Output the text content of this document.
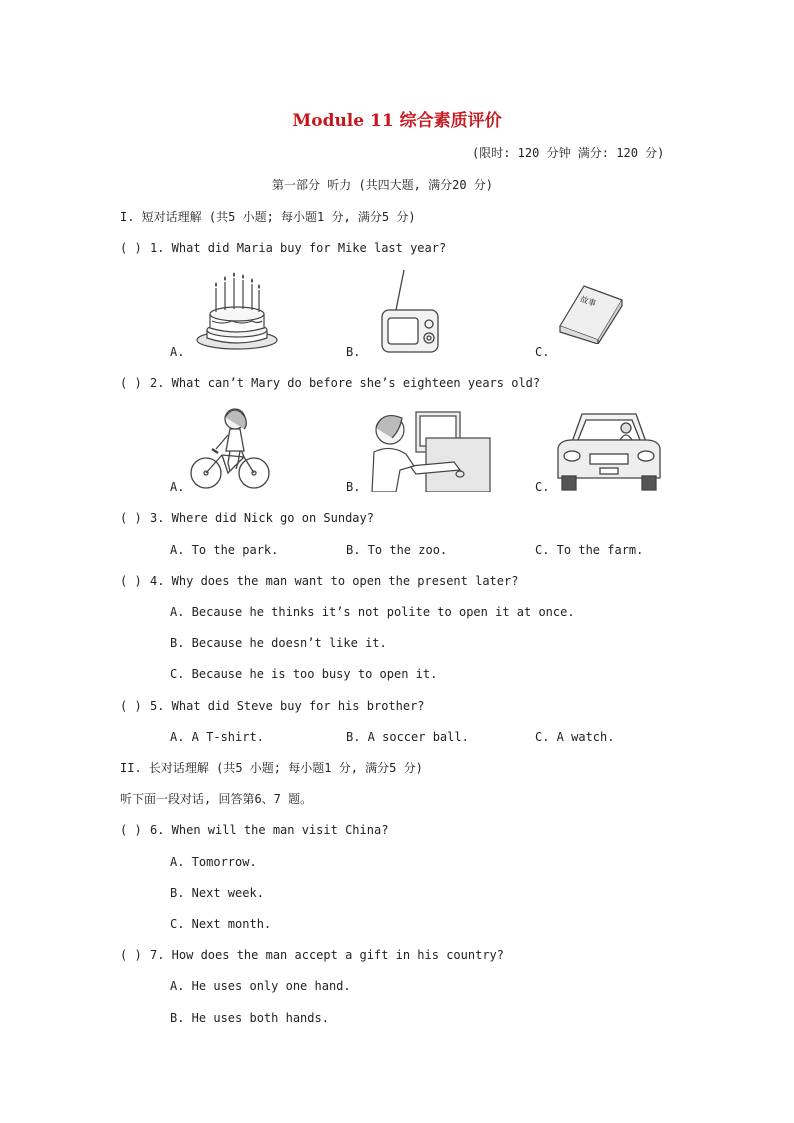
Module 11 综合素质评价
(限时: 120 分钟 满分: 120 分)
第一部分 听力 (共四大题, 满分20 分)
I. 短对话理解 (共5 小题; 每小题1 分, 满分5 分)
( ) 1. What did Maria buy for Mike last year?
故事
A.	B.	C.
( ) 2. What can’t Mary do before she’s eighteen years old?
A.	B.	C.
( ) 3. Where did Nick go on Sunday?
A. To the park.	B. To the zoo.	C. To the farm.
( ) 4. Why does the man want to open the present later?
A. Because he thinks it’s not polite to open it at once.
B. Because he doesn’t like it.
C. Because he is too busy to open it.
( ) 5. What did Steve buy for his brother?
A. A T-shirt.	B. A soccer ball.	C. A watch.
II. 长对话理解 (共5 小题; 每小题1 分, 满分5 分)
听下面一段对话, 回答第6、7 题。
( ) 6. When will the man visit China?
A. Tomorrow.
B. Next week.
C. Next month.
( ) 7. How does the man accept a gift in his country?
A. He uses only one hand.
B. He uses both hands.
